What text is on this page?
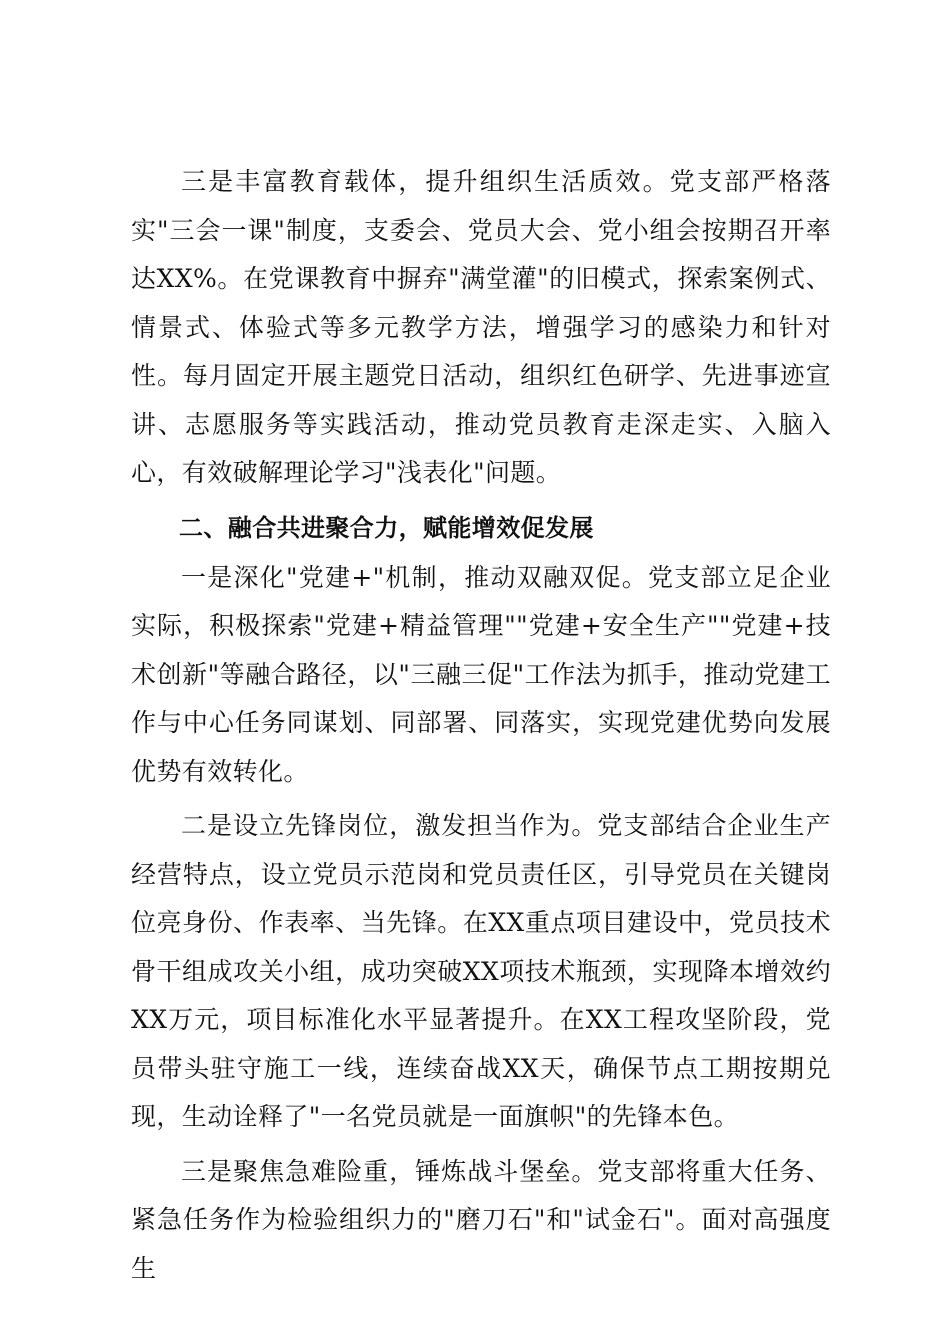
三是丰富教育载体，提升组织生活质效。党支部严格落实"三会一课"制度，支委会、党员大会、党小组会按期召开率达XX%。在党课教育中摒弃"满堂灌"的旧模式，探索案例式、情景式、体验式等多元教学方法，增强学习的感染力和针对性。每月固定开展主题党日活动，组织红色研学、先进事迹宣讲、志愿服务等实践活动，推动党员教育走深走实、入脑入心，有效破解理论学习"浅表化"问题。

二、融合共进聚合力，赋能增效促发展

一是深化"党建+"机制，推动双融双促。党支部立足企业实际，积极探索"党建+精益管理""党建+安全生产""党建+技术创新"等融合路径，以"三融三促"工作法为抓手，推动党建工作与中心任务同谋划、同部署、同落实，实现党建优势向发展优势有效转化。

二是设立先锋岗位，激发担当作为。党支部结合企业生产经营特点，设立党员示范岗和党员责任区，引导党员在关键岗位亮身份、作表率、当先锋。在XX重点项目建设中，党员技术骨干组成攻关小组，成功突破XX项技术瓶颈，实现降本增效约XX万元，项目标准化水平显著提升。在XX工程攻坚阶段，党员带头驻守施工一线，连续奋战XX天，确保节点工期按期兑现，生动诠释了"一名党员就是一面旗帜"的先锋本色。

三是聚焦急难险重，锤炼战斗堡垒。党支部将重大任务、紧急任务作为检验组织力的"磨刀石"和"试金石"。面对高强度生
